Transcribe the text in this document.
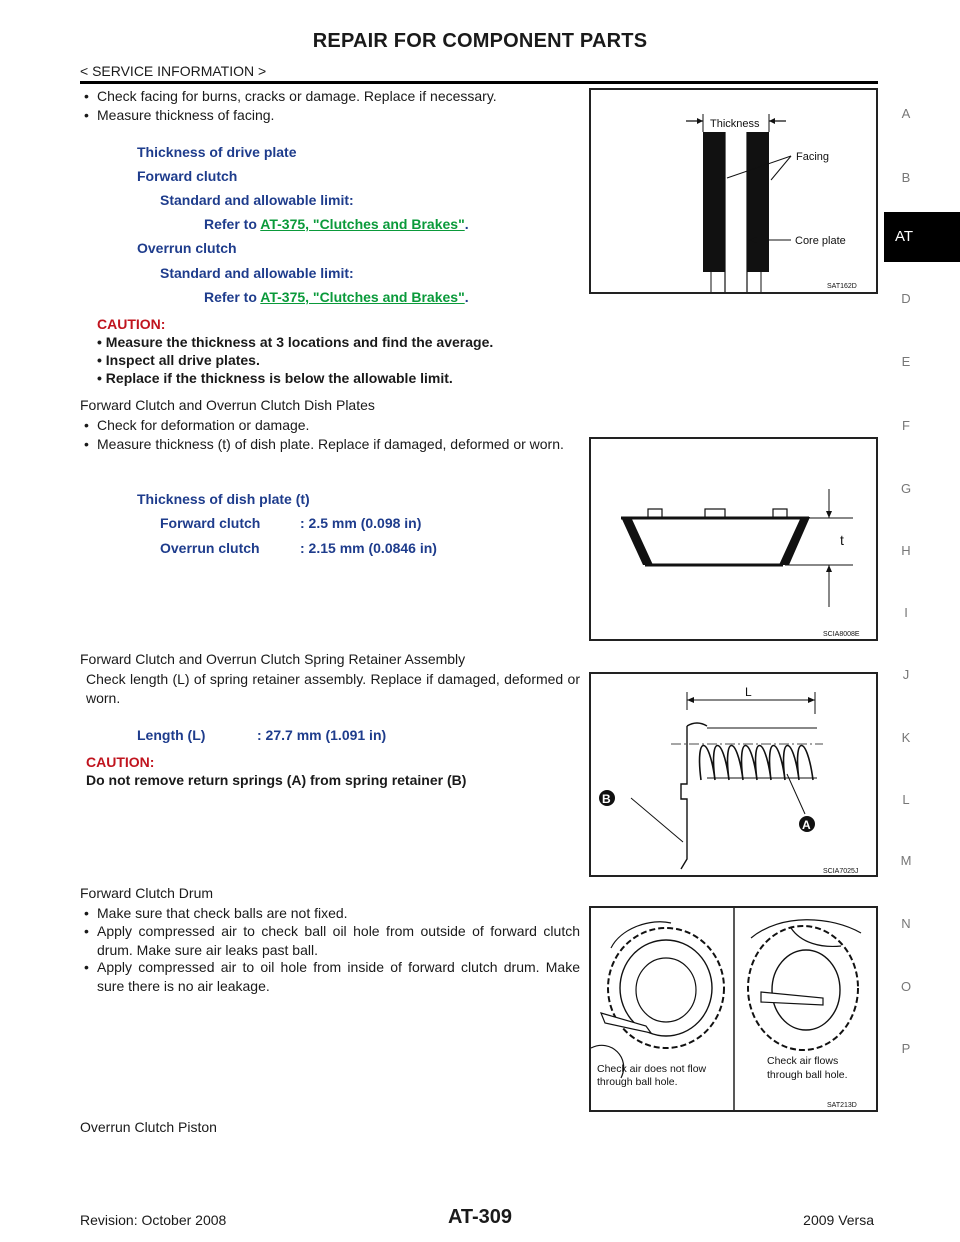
REPAIR FOR COMPONENT PARTS
< SERVICE INFORMATION >
A
B
AT
D
E
F
G
H
I
J
K
L
M
N
O
P
• Check facing for burns, cracks or damage. Replace if necessary.
• Measure thickness of facing.
Thickness of drive plate
Forward clutch
Standard and allowable limit:
Refer to AT-375, "Clutches and Brakes".
Overrun clutch
Standard and allowable limit:
Refer to AT-375, "Clutches and Brakes".
CAUTION:
• Measure the thickness at 3 locations and find the average.
• Inspect all drive plates.
• Replace if the thickness is below the allowable limit.
Thickness
Facing
Core plate
SAT162D
Forward Clutch and Overrun Clutch Dish Plates
• Check for deformation or damage.
• Measure thickness (t) of dish plate. Replace if damaged, deformed or worn.
Thickness of dish plate (t)
Forward clutch	: 2.5 mm (0.098 in)
Overrun clutch	: 2.15 mm (0.0846 in)	t
SCIA8008E
Forward Clutch and Overrun Clutch Spring Retainer Assembly
Check length (L) of spring retainer assembly. Replace if damaged, deformed or worn.
Length (L)	: 27.7 mm (1.091 in)
CAUTION:
Do not remove return springs (A) from spring retainer (B)
L
A
B
SCIA7025J
Forward Clutch Drum
• Make sure that check balls are not fixed.
• Apply compressed air to check ball oil hole from outside of forward clutch drum. Make sure air leaks past ball.
• Apply compressed air to oil hole from inside of forward clutch drum. Make sure there is no air leakage.
Check air does not flow
through ball hole.
Check air flows
through ball hole.
SAT213D
Overrun Clutch Piston
Revision: October 2008	AT-309	2009 Versa
